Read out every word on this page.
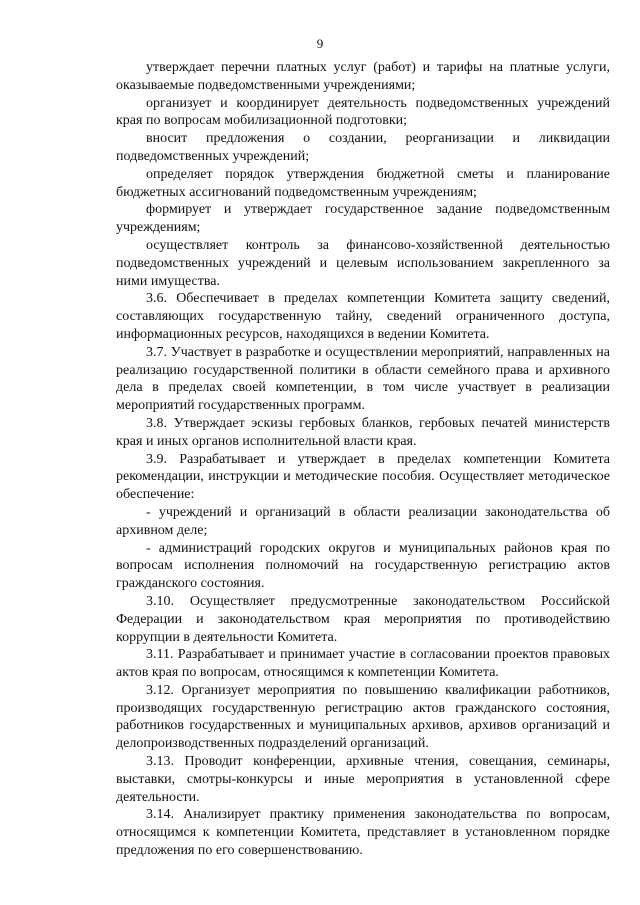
9

утверждает перечни платных услуг (работ) и тарифы на платные услуги, оказываемые подведомственными учреждениями;

организует и координирует деятельность подведомственных учреждений края по вопросам мобилизационной подготовки;

вносит предложения о создании, реорганизации и ликвидации подведомственных учреждений;

определяет порядок утверждения бюджетной сметы и планирование бюджетных ассигнований подведомственным учреждениям;

формирует и утверждает государственное задание подведомственным учреждениям;

осуществляет контроль за финансово-хозяйственной деятельностью подведомственных учреждений и целевым использованием закрепленного за ними имущества.

3.6. Обеспечивает в пределах компетенции Комитета защиту сведений, составляющих государственную тайну, сведений ограниченного доступа, информационных ресурсов, находящихся в ведении Комитета.

3.7. Участвует в разработке и осуществлении мероприятий, направленных на реализацию государственной политики в области семейного права и архивного дела в пределах своей компетенции, в том числе участвует в реализации мероприятий государственных программ.

3.8. Утверждает эскизы гербовых бланков, гербовых печатей министерств края и иных органов исполнительной власти края.

3.9. Разрабатывает и утверждает в пределах компетенции Комитета рекомендации, инструкции и методические пособия. Осуществляет методическое обеспечение:

- учреждений и организаций в области реализации законодательства об архивном деле;

- администраций городских округов и муниципальных районов края по вопросам исполнения полномочий на государственную регистрацию актов гражданского состояния.

3.10. Осуществляет предусмотренные законодательством Российской Федерации и законодательством края мероприятия по противодействию коррупции в деятельности Комитета.

3.11. Разрабатывает и принимает участие в согласовании проектов правовых актов края по вопросам, относящимся к компетенции Комитета.

3.12. Организует мероприятия по повышению квалификации работников, производящих государственную регистрацию актов гражданского состояния, работников государственных и муниципальных архивов, архивов организаций и делопроизводственных подразделений организаций.

3.13. Проводит конференции, архивные чтения, совещания, семинары, выставки, смотры-конкурсы и иные мероприятия в установленной сфере деятельности.

3.14. Анализирует практику применения законодательства по вопросам, относящимся к компетенции Комитета, представляет в установленном порядке предложения по его совершенствованию.
